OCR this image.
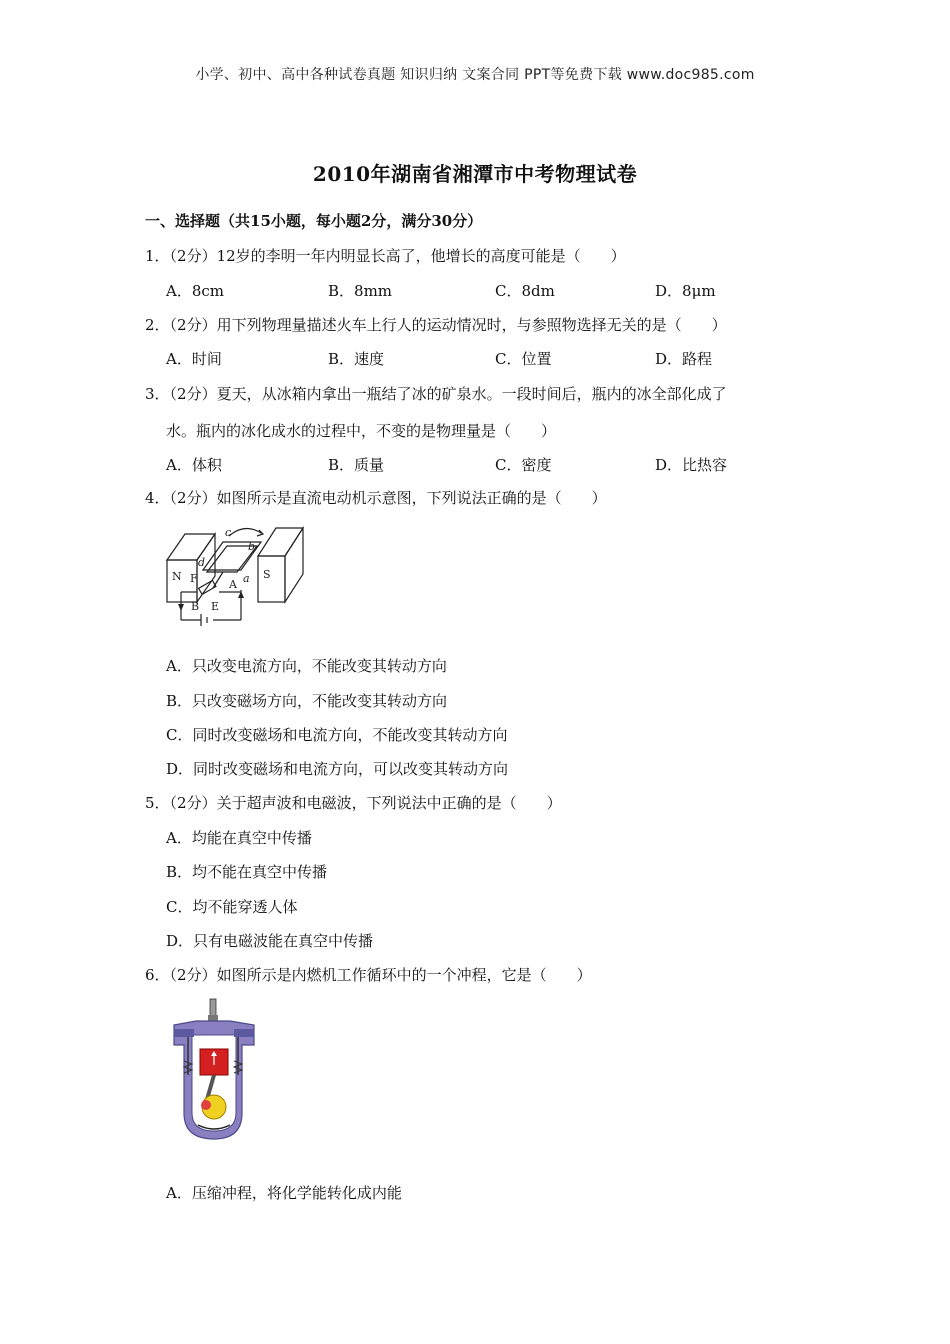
小学、初中、高中各种试卷真题 知识归纳 文案合同 PPT等免费下载 www.doc985.com
2010年湖南省湘潭市中考物理试卷
一、选择题（共15小题，每小题2分，满分30分）
1．（2分）12岁的李明一年内明显长高了，他增长的高度可能是（　　）
A．8cm	B．8mm	C．8dm	D．8μm
2．（2分）用下列物理量描述火车上行人的运动情况时，与参照物选择无关的是（　　）
A．时间	B．速度	C．位置	D．路程
3．（2分）夏天，从冰箱内拿出一瓶结了冰的矿泉水。一段时间后，瓶内的冰全部化成了
水。瓶内的冰化成水的过程中，不变的是物理量是（　　）
A．体积	B．质量	C．密度	D．比热容
4．（2分）如图所示是直流电动机示意图，下列说法正确的是（　　）
N	S
F
d
c
b
a
A
B E
A．只改变电流方向，不能改变其转动方向
B．只改变磁场方向，不能改变其转动方向
C．同时改变磁场和电流方向，不能改变其转动方向
D．同时改变磁场和电流方向，可以改变其转动方向
5．（2分）关于超声波和电磁波，下列说法中正确的是（　　）
A．均能在真空中传播
B．均不能在真空中传播
C．均不能穿透人体
D．只有电磁波能在真空中传播
6．（2分）如图所示是内燃机工作循环中的一个冲程，它是（　　）
A．压缩冲程，将化学能转化成内能
